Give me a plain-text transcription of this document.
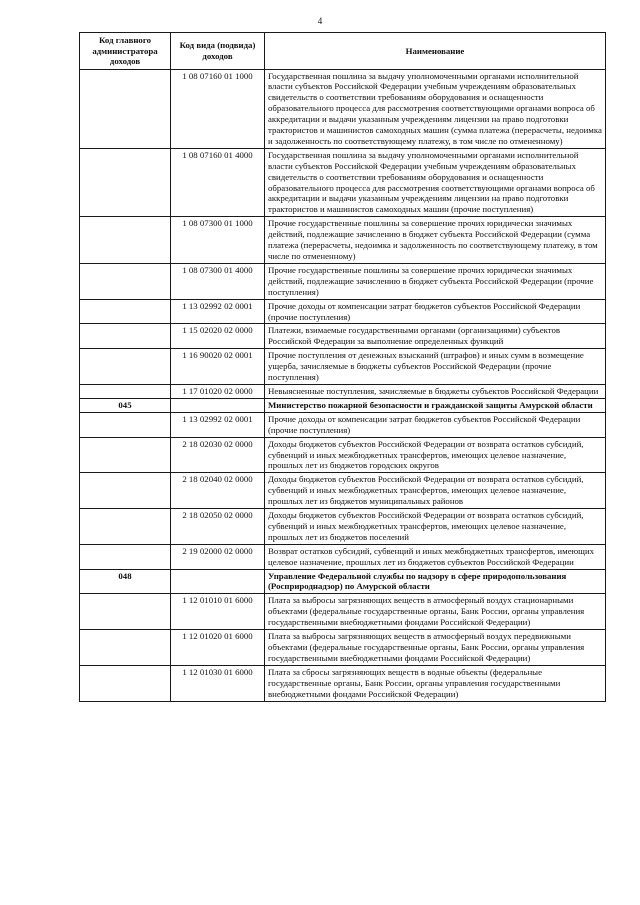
4
Код главного администратора доходов	Код вида (подвида) доходов	Наименование
	1 08 07160 01 1000	Государственная пошлина за выдачу уполномоченными органами исполнительной власти субъектов Российской Федерации учебным учреждениям образовательных свидетельств о соответствии требованиям оборудования и оснащенности образовательного процесса для рассмотрения соответствующими органами вопроса об аккредитации и выдачи указанным учреждениям лицензии на право подготовки трактористов и машинистов самоходных машин (сумма платежа (перерасчеты, недоимка и задолженность по соответствующему платежу, в том числе по отмененному)
	1 08 07160 01 4000	Государственная пошлина за выдачу уполномоченными органами исполнительной власти субъектов Российской Федерации учебным учреждениям образовательных свидетельств о соответствии требованиям оборудования и оснащенности образовательного процесса для рассмотрения соответствующими органами вопроса об аккредитации и выдачи указанным учреждениям лицензии на право подготовки трактористов и машинистов самоходных машин (прочие поступления)
	1 08 07300 01 1000	Прочие государственные пошлины за совершение прочих юридически значимых действий, подлежащие зачислению в бюджет субъекта Российской Федерации (сумма платежа (перерасчеты, недоимка и задолженность по соответствующему платежу, в том числе по отмененному)
	1 08 07300 01 4000	Прочие государственные пошлины за совершение прочих юридически значимых действий, подлежащие зачислению в бюджет субъекта Российской Федерации (прочие поступления)
	1 13 02992 02 0001	Прочие доходы от компенсации затрат бюджетов субъектов Российской Федерации (прочие поступления)
	1 15 02020 02 0000	Платежи, взимаемые государственными органами (организациями) субъектов Российской Федерации за выполнение определенных функций
	1 16 90020 02 0001	Прочие поступления от денежных взысканий (штрафов) и иных сумм в возмещение ущерба, зачисляемые в бюджеты субъектов Российской Федерации (прочие поступления)
	1 17 01020 02 0000	Невыясненные поступления, зачисляемые в бюджеты субъектов Российской Федерации
045		Министерство пожарной безопасности и гражданской защиты Амурской области
	1 13 02992 02 0001	Прочие доходы от компенсации затрат бюджетов субъектов Российской Федерации (прочие поступления)
	2 18 02030 02 0000	Доходы бюджетов субъектов Российской Федерации от возврата остатков субсидий, субвенций и иных межбюджетных трансфертов, имеющих целевое назначение, прошлых лет из бюджетов городских округов
	2 18 02040 02 0000	Доходы бюджетов субъектов Российской Федерации от возврата остатков субсидий, субвенций и иных межбюджетных трансфертов, имеющих целевое назначение, прошлых лет из бюджетов муниципальных районов
	2 18 02050 02 0000	Доходы бюджетов субъектов Российской Федерации от возврата остатков субсидий, субвенций и иных межбюджетных трансфертов, имеющих целевое назначение, прошлых лет из бюджетов поселений
	2 19 02000 02 0000	Возврат остатков субсидий, субвенций и иных межбюджетных трансфертов, имеющих целевое назначение, прошлых лет из бюджетов субъектов Российской Федерации
048		Управление Федеральной службы по надзору в сфере природопользования (Росприроднадзор) по Амурской области
	1 12 01010 01 6000	Плата за выбросы загрязняющих веществ в атмосферный воздух стационарными объектами (федеральные государственные органы, Банк России, органы управления государственными внебюджетными фондами Российской Федерации)
	1 12 01020 01 6000	Плата за выбросы загрязняющих веществ в атмосферный воздух передвижными объектами (федеральные государственные органы, Банк России, органы управления государственными внебюджетными фондами Российской Федерации)
	1 12 01030 01 6000	Плата за сбросы загрязняющих веществ в водные объекты (федеральные государственные органы, Банк России, органы управления государственными внебюджетными фондами Российской Федерации)
